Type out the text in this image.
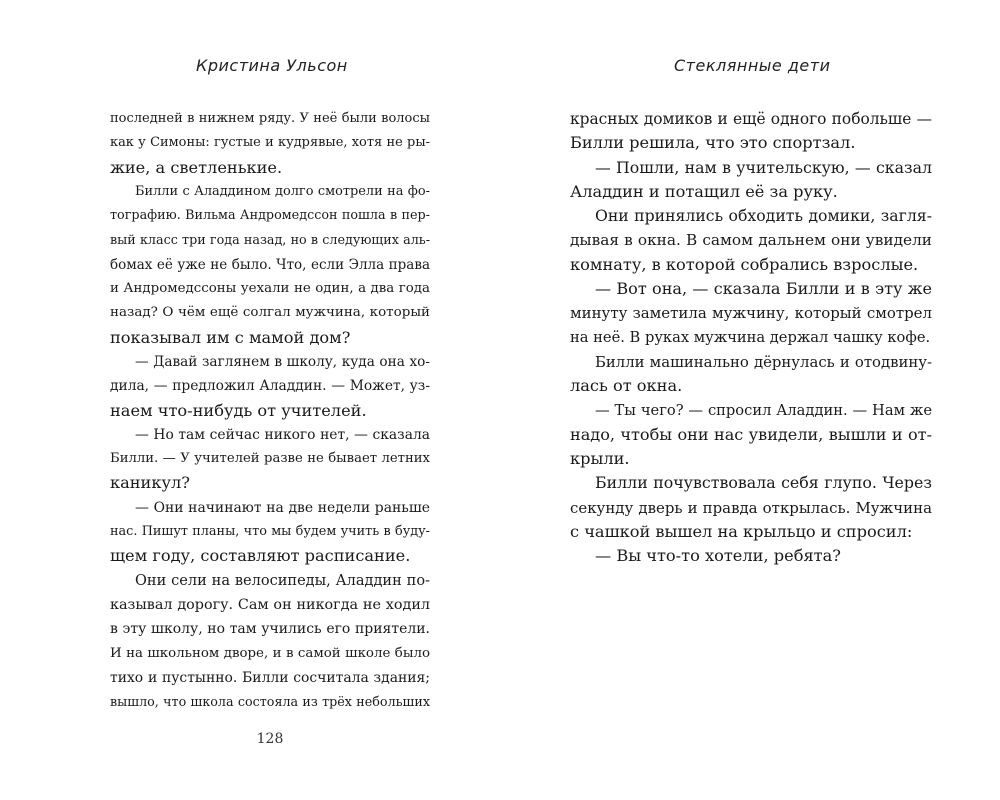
Кристина Ульсон
последней в нижнем ряду. У неё были волосы
как у Симоны: густые и кудрявые, хотя не ры-
жие, а светленькие.
Билли с Аладдином долго смотрели на фо-
тографию. Вильма Андромедссон пошла в пер-
вый класс три года назад, но в следующих аль-
бомах её уже не было. Что, если Элла права
и Андромедссоны уехали не один, а два года
назад? О чём ещё солгал мужчина, который
показывал им с мамой дом?
— Давай заглянем в школу, куда она хо-
дила, — предложил Аладдин. — Может, уз-
наем что-нибудь от учителей.
— Но там сейчас никого нет, — сказала
Билли. — У учителей разве не бывает летних
каникул?
— Они начинают на две недели раньше
нас. Пишут планы, что мы будем учить в буду-
щем году, составляют расписание.
Они сели на велосипеды, Аладдин по-
казывал дорогу. Сам он никогда не ходил
в эту школу, но там учились его приятели.
И на школьном дворе, и в самой школе было
тихо и пустынно. Билли сосчитала здания;
вышло, что школа состояла из трёх небольших
128
Стеклянные дети
красных домиков и ещё одного побольше —
Билли решила, что это спортзал.
— Пошли, нам в учительскую, — сказал
Аладдин и потащил её за руку.
Они принялись обходить домики, загля-
дывая в окна. В самом дальнем они увидели
комнату, в которой собрались взрослые.
— Вот она, — сказала Билли и в эту же
минуту заметила мужчину, который смотрел
на неё. В руках мужчина держал чашку кофе.
Билли машинально дёрнулась и отодвину-
лась от окна.
— Ты чего? — спросил Аладдин. — Нам же
надо, чтобы они нас увидели, вышли и от-
крыли.
Билли почувствовала себя глупо. Через
секунду дверь и правда открылась. Мужчина
с чашкой вышел на крыльцо и спросил:
— Вы что-то хотели, ребята?
